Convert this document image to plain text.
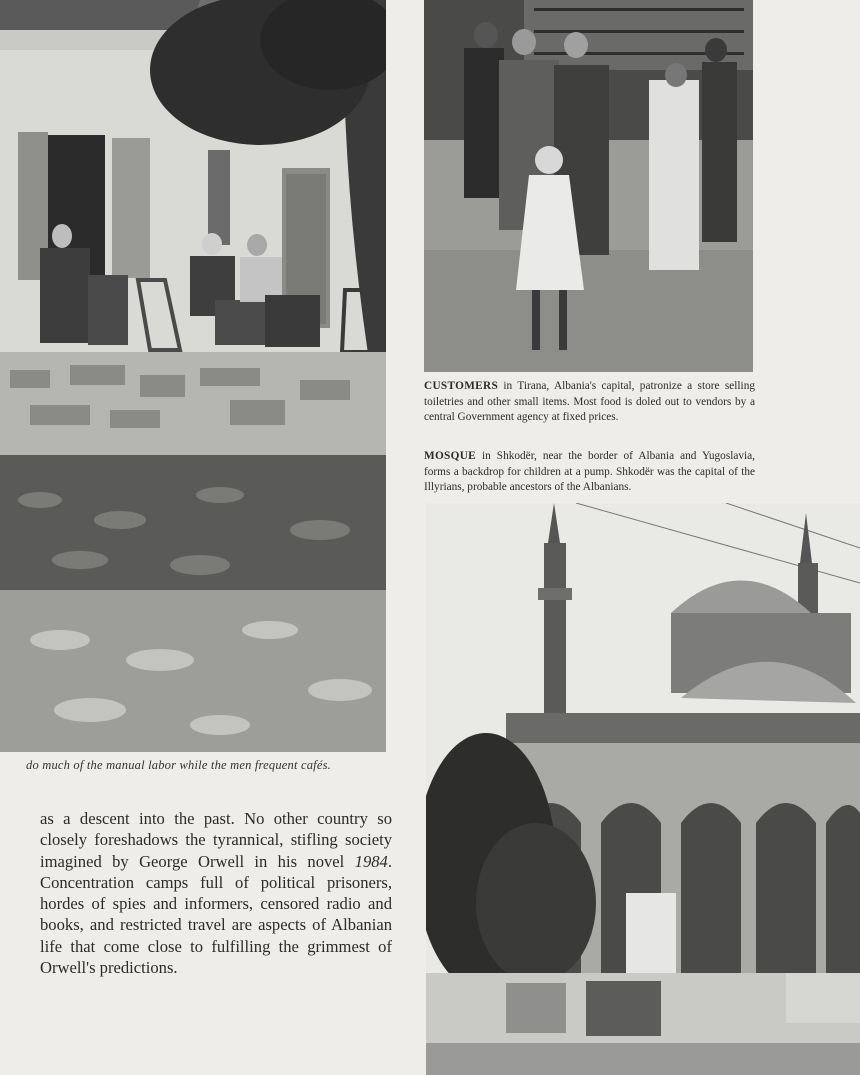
do much of the manual labor while the men frequent cafés.

as a descent into the past. No other country so closely foreshadows the tyrannical, stifling society imagined by George Orwell in his novel 1984. Concentration camps full of political prisoners, hordes of spies and informers, censored radio and books, and restricted travel are aspects of Albanian life that come close to fulfilling the grimmest of Orwell's predictions.

CUSTOMERS in Tirana, Albania's capital, patronize a store selling toiletries and other small items. Most food is doled out to vendors by a central Government agency at fixed prices.
MOSQUE in Shkodër, near the border of Albania and Yugoslavia, forms a backdrop for children at a pump. Shkodër was the capital of the Illyrians, probable ancestors of the Albanians.
